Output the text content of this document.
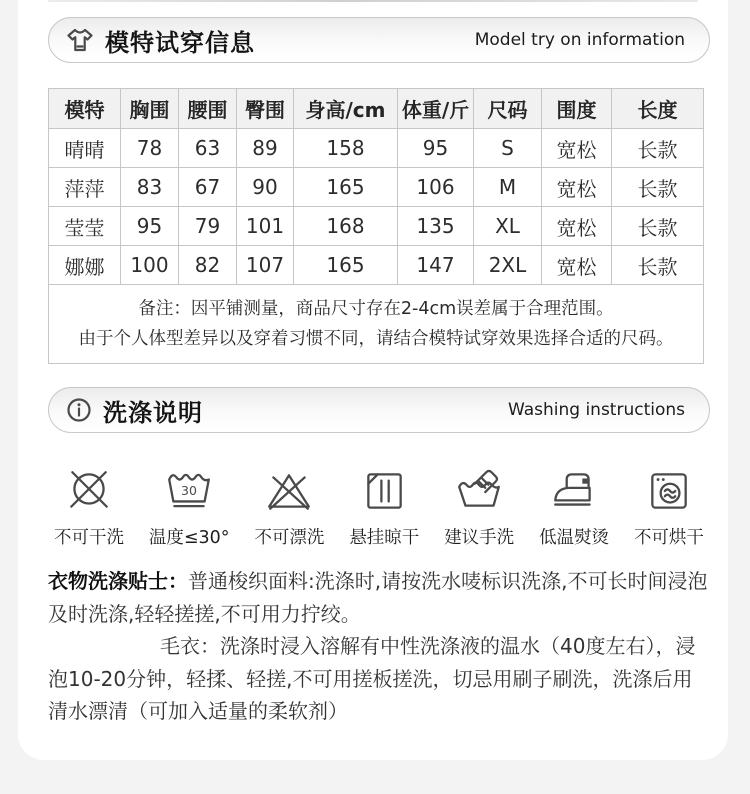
模特试穿信息	Model try on information
模特	胸围	腰围	臀围	身高/cm	体重/斤	尺码	围度	长度
晴晴	78	63	89	158	95	S	宽松	长款
萍萍	83	67	90	165	106	M	宽松	长款
莹莹	95	79	101	168	135	XL	宽松	长款
娜娜	100	82	107	165	147	2XL	宽松	长款

备注：因平铺测量，商品尺寸存在2-4cm误差属于合理范围。
由于个人体型差异以及穿着习惯不同，请结合模特试穿效果选择合适的尺码。								
洗涤说明	Washing instructions
不可干洗
30
温度≤30° 不可漂洗 悬挂晾干 建议手洗 低温熨烫 不可烘干

衣物洗涤贴士：普通梭织面料:洗涤时,请按洗水唛标识洗涤,不可长时间浸泡及时洗涤,轻轻搓搓,不可用力拧绞。

毛衣：洗涤时浸入溶解有中性洗涤液的温水（40度左右），浸泡10-20分钟，轻揉、轻搓,不可用搓板搓洗，切忌用刷子刷洗，洗涤后用清水漂清（可加入适量的柔软剂）
